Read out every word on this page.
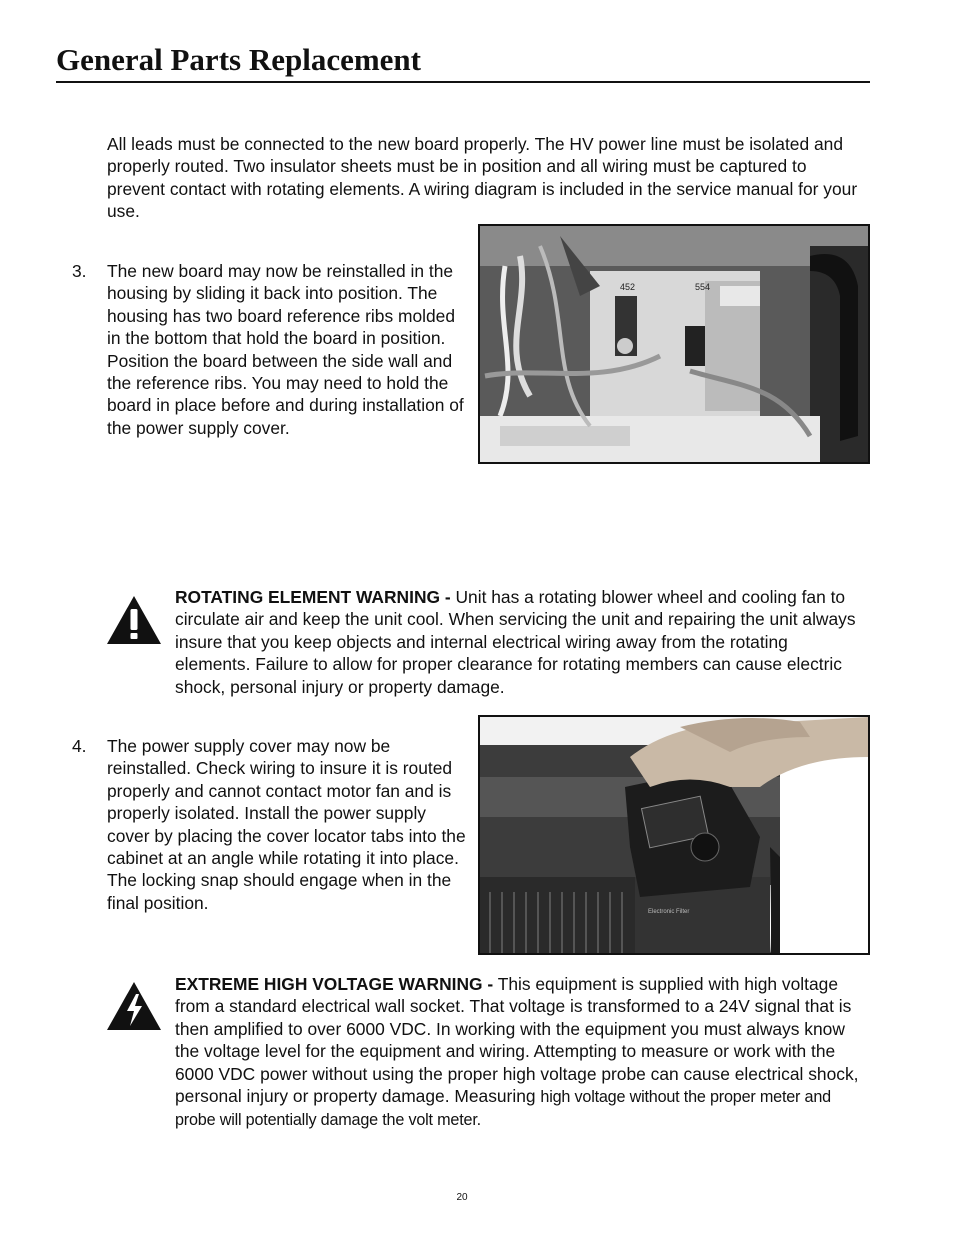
General Parts Replacement

All leads must be connected to the new board properly. The HV power line must be isolated and properly routed. Two insulator sheets must be in position and all wiring must be captured to prevent contact with rotating elements. A wiring diagram is included in the service manual for your use.

3. The new board may now be reinstalled in the housing by sliding it back into position. The housing has two board reference ribs molded in the bottom that hold the board in position. Position the board between the side wall and the reference ribs. You may need to hold the board in place before and during installation of the power supply cover.
452	554

ROTATING ELEMENT WARNING - Unit has a rotating blower wheel and cooling fan to circulate air and keep the unit cool. When servicing the unit and repairing the unit always insure that you keep objects and internal electrical wiring away from the rotating elements. Failure to allow for proper clearance for rotating members can cause electric shock, personal injury or property damage.

4. The power supply cover may now be reinstalled. Check wiring to insure it is routed properly and cannot contact motor fan and is properly isolated. Install the power supply cover by placing the cover locator tabs into the cabinet at an angle while rotating it into place. The locking snap should engage when in the final position.	Electronic Filter

EXTREME HIGH VOLTAGE WARNING - This equipment is supplied with high voltage from a standard electrical wall socket. That voltage is transformed to a 24V signal that is then amplified to over 6000 VDC. In working with the equipment you must always know the voltage level for the equipment and wiring. Attempting to measure or work with the 6000 VDC power without using the proper high voltage probe can cause electrical shock, personal injury or property damage. Measuring high voltage without the proper meter and probe will potentially damage the volt meter.

20
